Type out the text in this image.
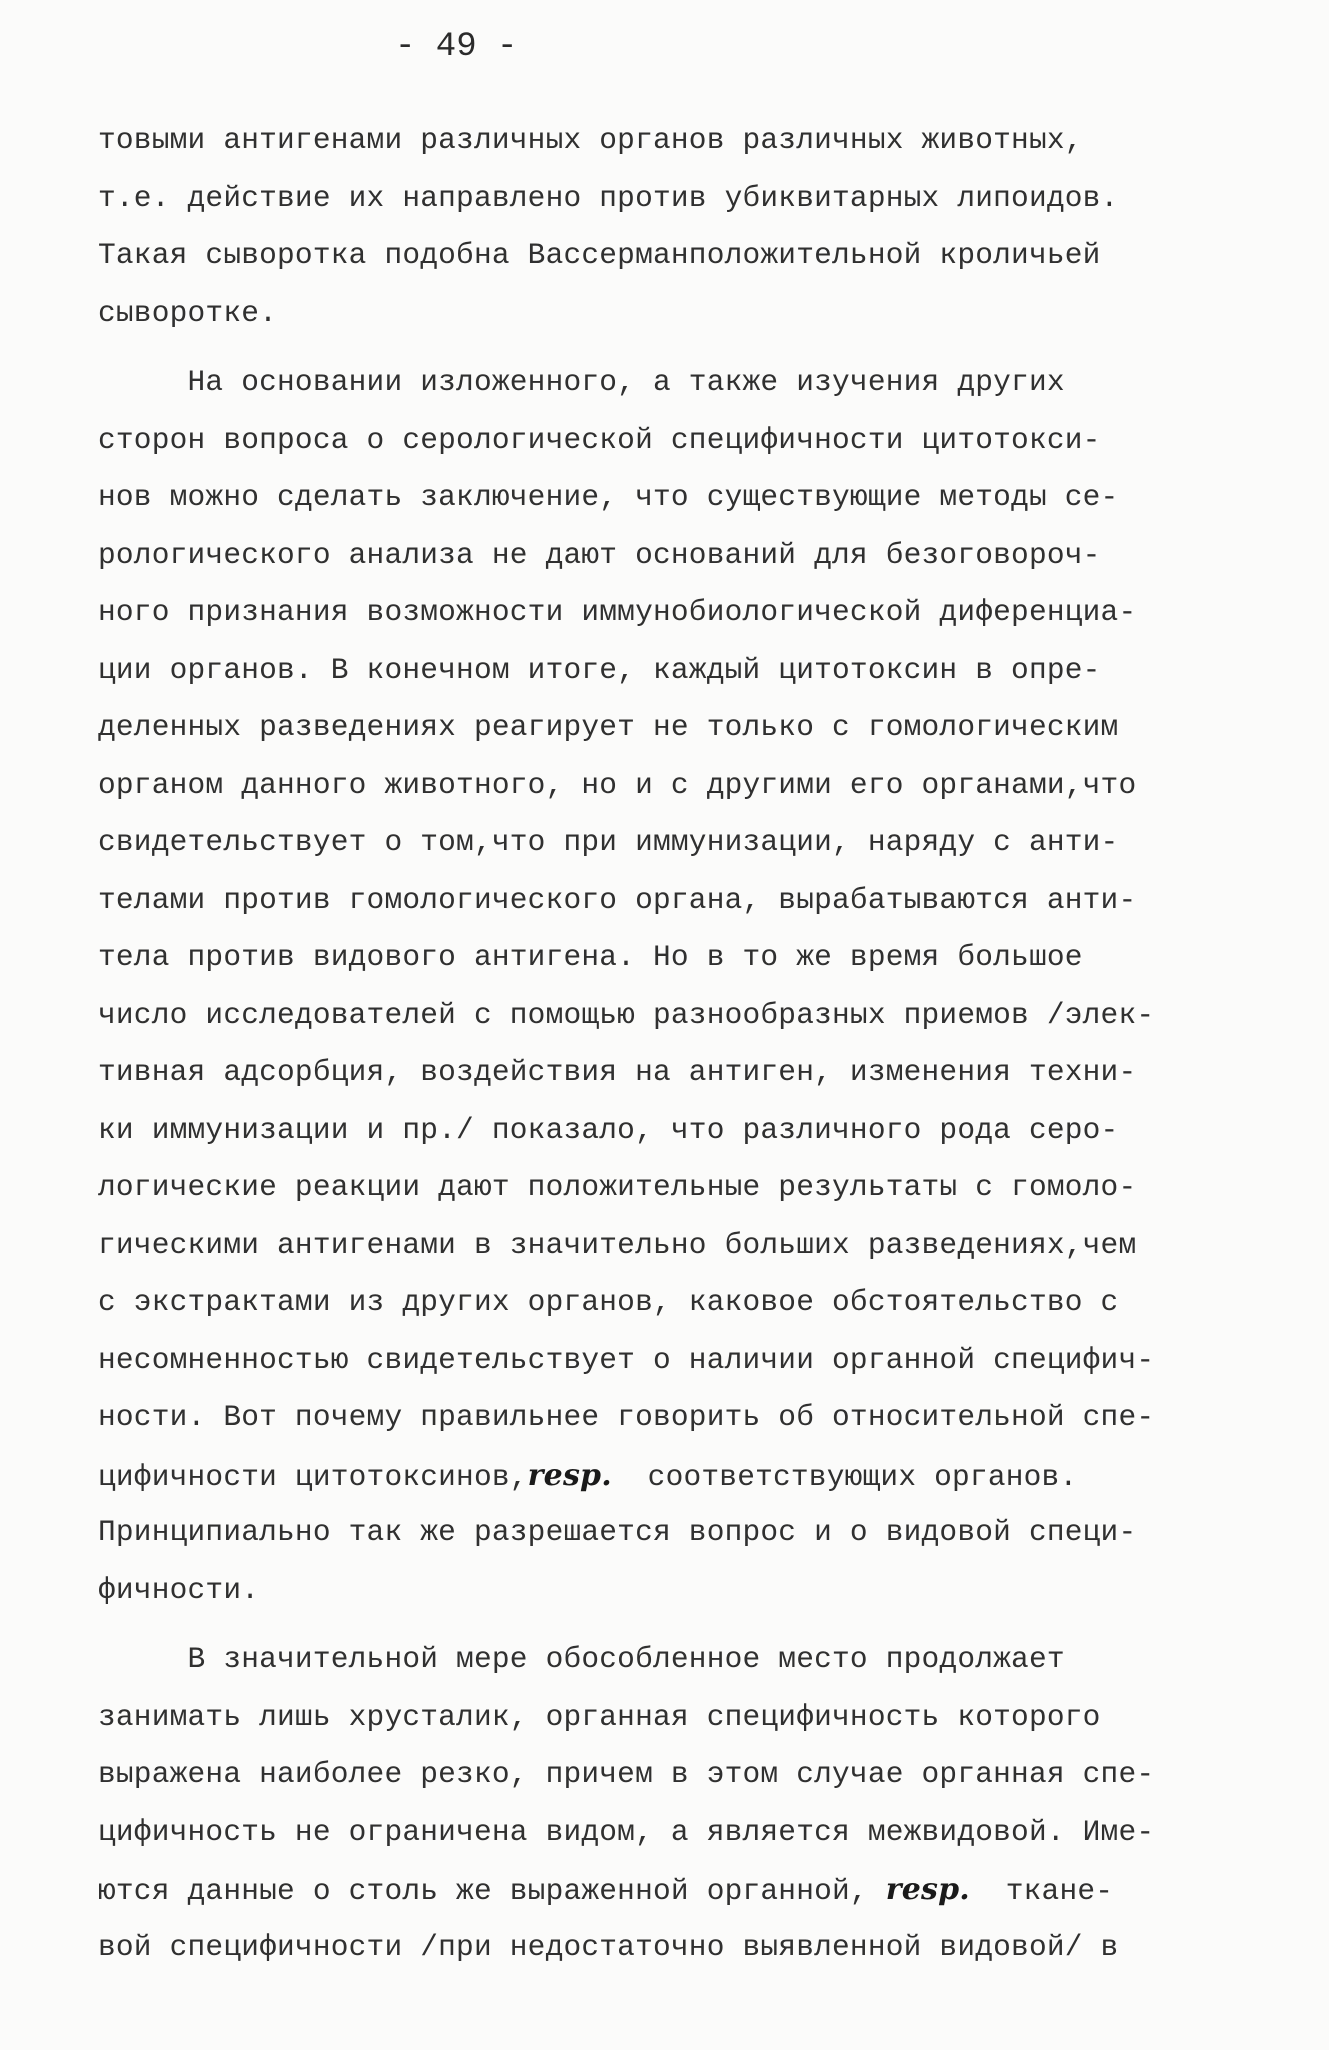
- 49 -
товыми антигенами различных органов различных животных,
т.е. действие их направлено против убиквитарных липоидов.
Такая сыворотка подобна Вассерманположительной кроличьей
сыворотке.
На основании изложенного, а также изучения других
сторон вопроса о серологической специфичности цитотокси-
нов можно сделать заключение, что существующие методы се-
рологического анализа не дают оснований для безоговороч-
ного признания возможности иммунобиологической диференциа-
ции органов. В конечном итоге, каждый цитотоксин в опре-
деленных разведениях реагирует не только с гомологическим
органом данного животного, но и с другими его органами,что
свидетельствует о том,что при иммунизации, наряду с анти-
телами против гомологического органа, вырабатываются анти-
тела против видового антигена. Но в то же время большое
число исследователей с помощью разнообразных приемов /элек-
тивная адсорбция, воздействия на антиген, изменения техни-
ки иммунизации и пр./ показало, что различного рода серо-
логические реакции дают положительные результаты с гомоло-
гическими антигенами в значительно больших разведениях,чем
с экстрактами из других органов, каковое обстоятельство с
несомненностью свидетельствует о наличии органной специфич-
ности. Вот почему правильнее говорить об относительной спе-
цифичности цитотоксинов,resp.  соответствующих органов.
Принципиально так же разрешается вопрос и о видовой специ-
фичности.
В значительной мере обособленное место продолжает
занимать лишь хрусталик, органная специфичность которого
выражена наиболее резко, причем в этом случае органная спе-
цифичность не ограничена видом, а является межвидовой. Име-
ются данные о столь же выраженной органной, resp.  ткане-
вой специфичности /при недостаточно выявленной видовой/ в
